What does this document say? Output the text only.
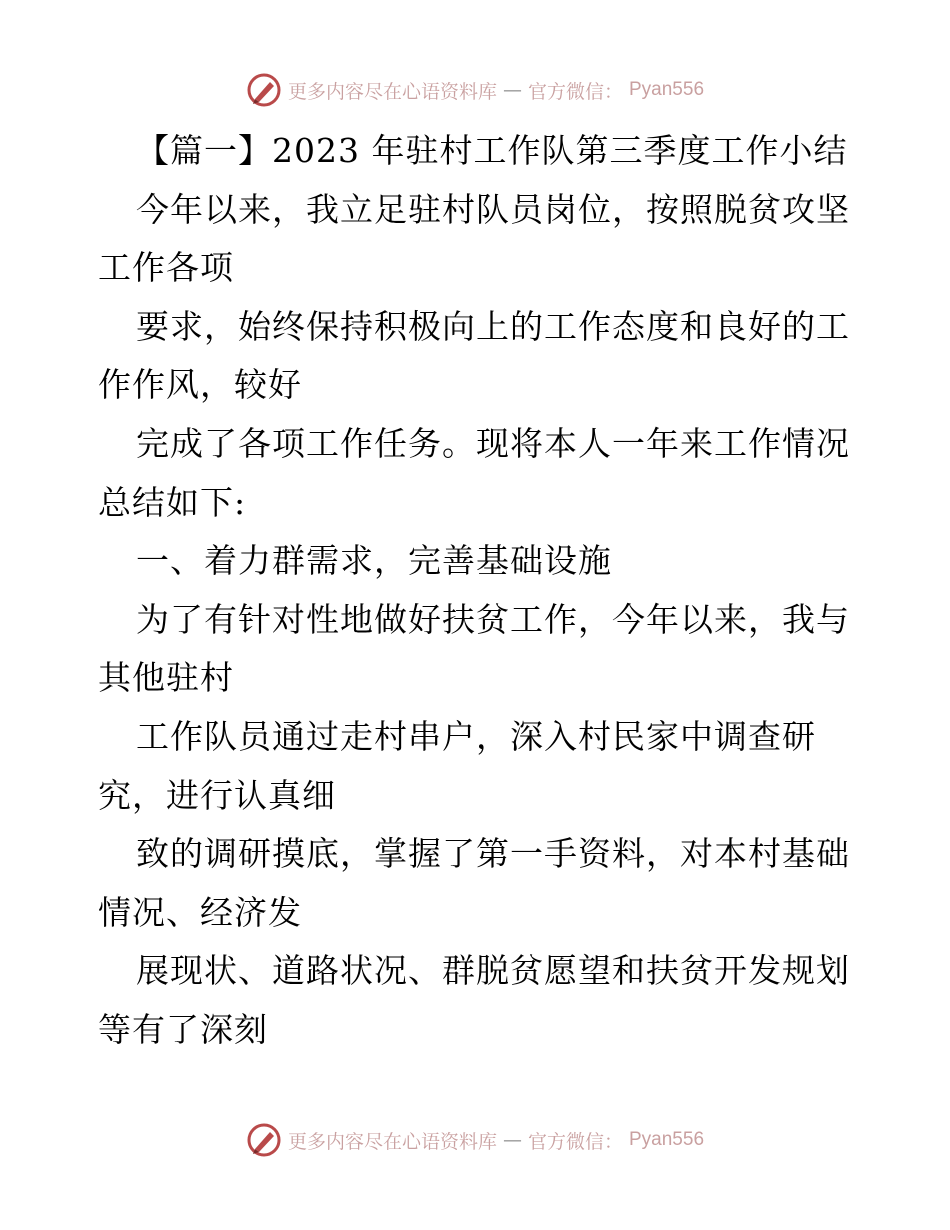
更多内容尽在心语资料库 — 官方微信： Pyan556

【篇一】2023 年驻村工作队第三季度工作小结

今年以来，我立足驻村队员岗位，按照脱贫攻坚工作各项

要求，始终保持积极向上的工作态度和良好的工作作风，较好

完成了各项工作任务。现将本人一年来工作情况总结如下:

一、着力群需求，完善基础设施

为了有针对性地做好扶贫工作，今年以来，我与其他驻村

工作队员通过走村串户，深入村民家中调查研究，进行认真细

致的调研摸底，掌握了第一手资料，对本村基础情况、经济发

展现状、道路状况、群脱贫愿望和扶贫开发规划等有了深刻

更多内容尽在心语资料库 — 官方微信： Pyan556
